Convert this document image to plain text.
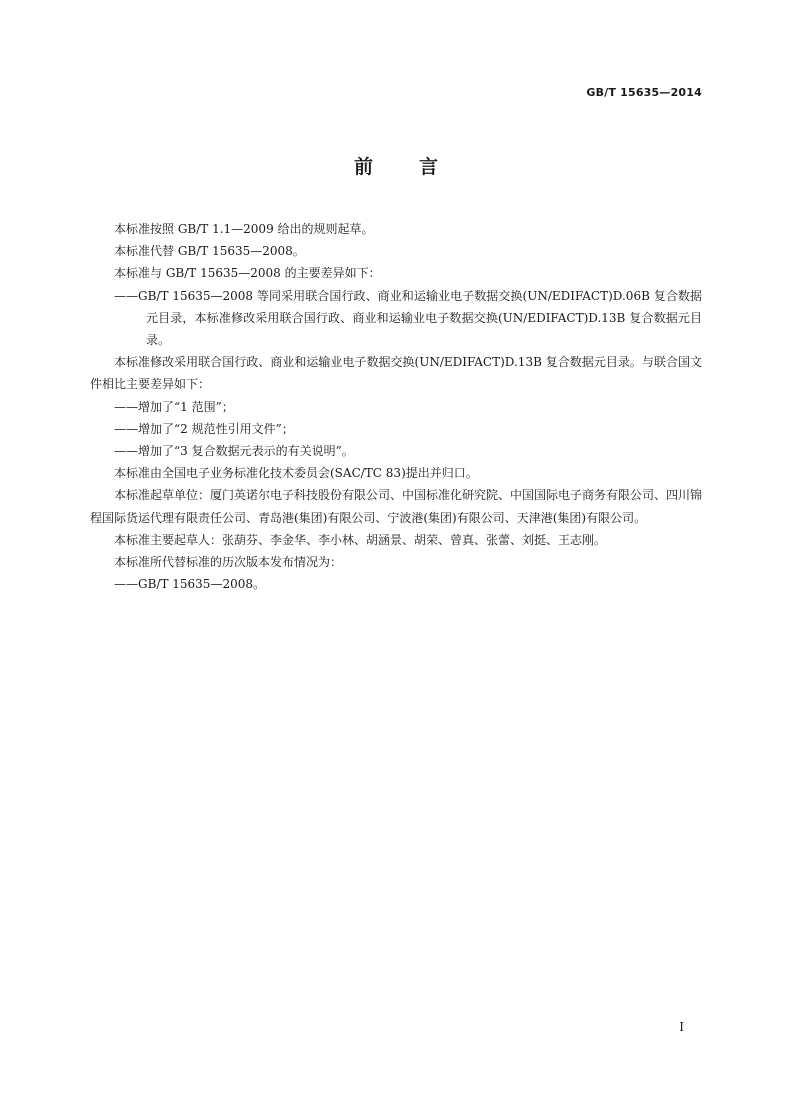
GB/T 15635—2014
前言

本标准按照 GB/T 1.1—2009 给出的规则起草。

本标准代替 GB/T 15635—2008。

本标准与 GB/T 15635—2008 的主要差异如下：

——GB/T 15635—2008 等同采用联合国行政、商业和运输业电子数据交换(UN/EDIFACT)D.06B 复合数据元目录，本标准修改采用联合国行政、商业和运输业电子数据交换(UN/EDIFACT)D.13B 复合数据元目录。

本标准修改采用联合国行政、商业和运输业电子数据交换(UN/EDIFACT)D.13B 复合数据元目录。与联合国文件相比主要差异如下：

——增加了“1 范围”；

——增加了“2 规范性引用文件”；

——增加了“3 复合数据元表示的有关说明”。

本标准由全国电子业务标准化技术委员会(SAC/TC 83)提出并归口。

本标准起草单位：厦门英诺尔电子科技股份有限公司、中国标准化研究院、中国国际电子商务有限公司、四川锦程国际货运代理有限责任公司、青岛港(集团)有限公司、宁波港(集团)有限公司、天津港(集团)有限公司。

本标准主要起草人：张葫芬、李金华、李小林、胡涵景、胡荣、曾真、张蕾、刘挺、王志刚。

本标准所代替标准的历次版本发布情况为：

——GB/T 15635—2008。

I
